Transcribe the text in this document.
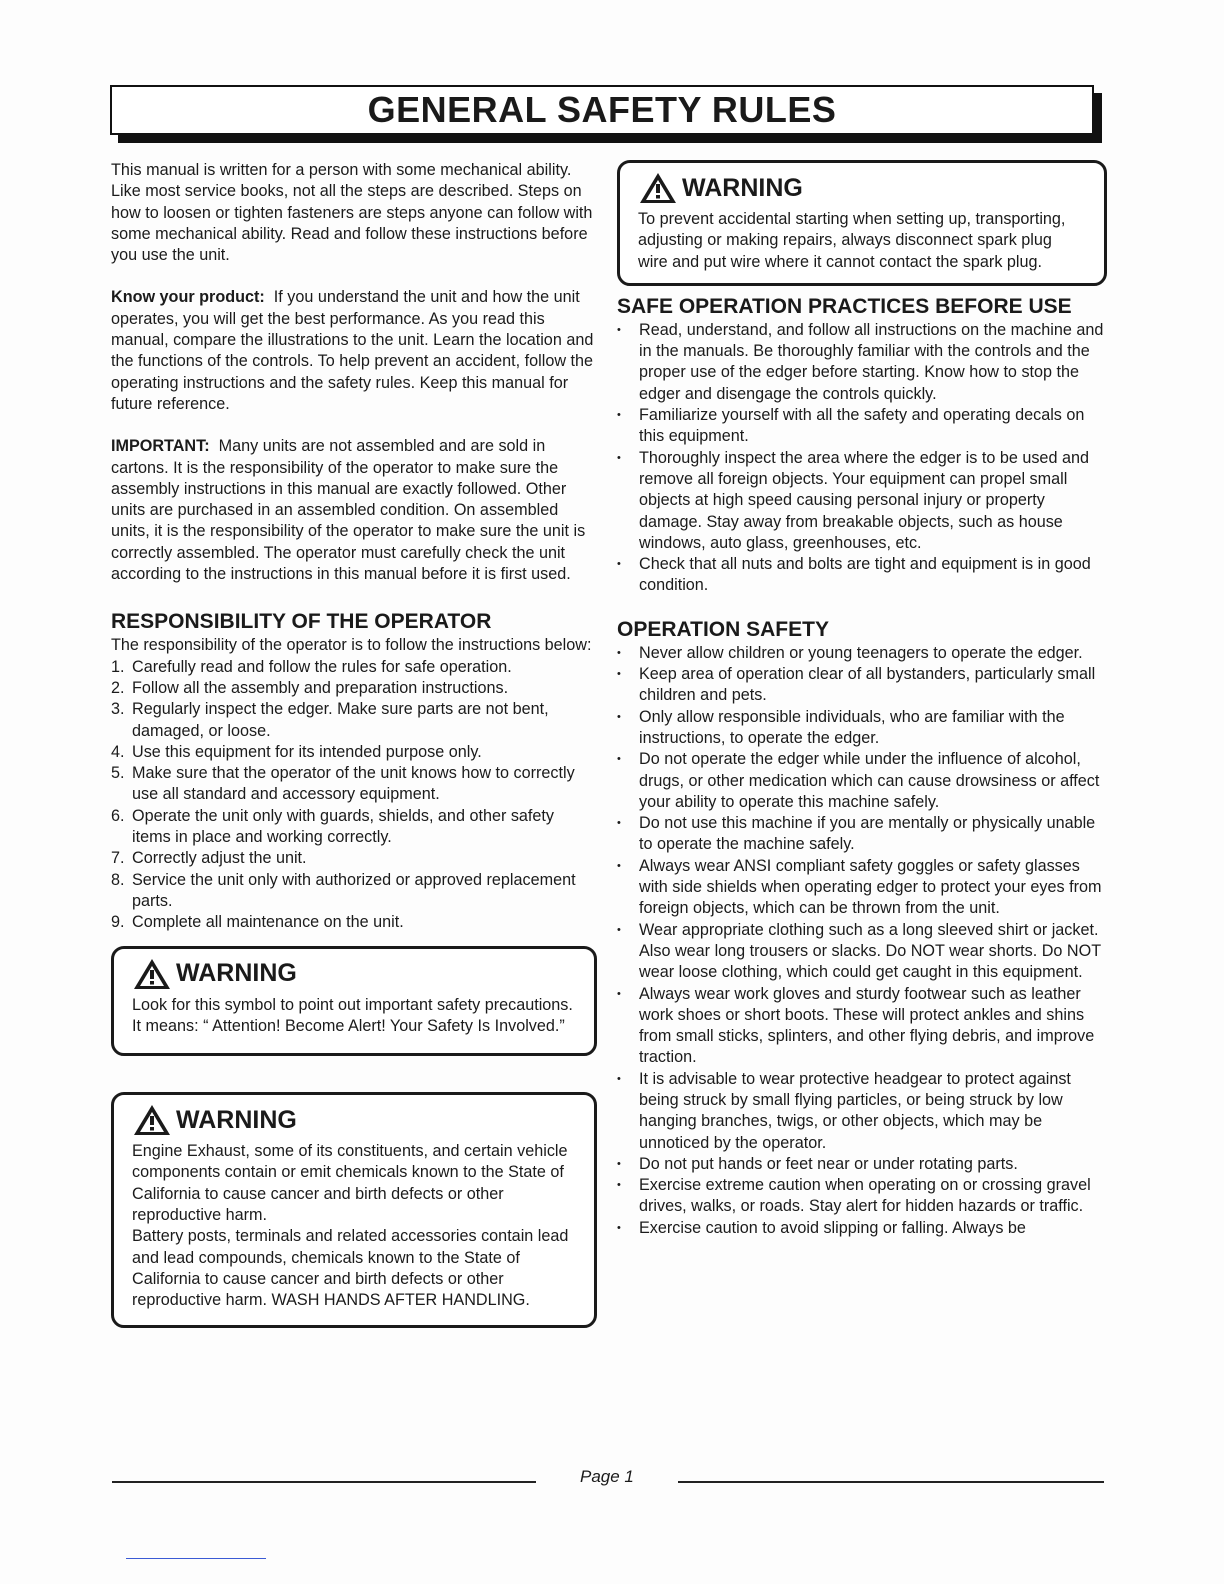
GENERAL SAFETY RULES

This manual is written for a person with some mechanical ability. Like most service books, not all the steps are described. Steps on how to loosen or tighten fasteners are steps anyone can follow with some mechanical ability. Read and follow these instructions before you use the unit.

Know your product: If you understand the unit and how the unit operates, you will get the best performance. As you read this manual, compare the illustrations to the unit. Learn the location and the functions of the controls. To help prevent an accident, follow the operating instructions and the safety rules. Keep this manual for future reference.

IMPORTANT: Many units are not assembled and are sold in cartons. It is the responsibility of the operator to make sure the assembly instructions in this manual are exactly followed. Other units are purchased in an assembled condition. On assembled units, it is the responsibility of the operator to make sure the unit is correctly assembled. The operator must carefully check the unit according to the instructions in this manual before it is first used.

RESPONSIBILITY OF THE OPERATOR

The responsibility of the operator is to follow the instructions below:

1. Carefully read and follow the rules for safe operation.
2. Follow all the assembly and preparation instructions.
3. Regularly inspect the edger. Make sure parts are not bent, damaged, or loose.
4. Use this equipment for its intended purpose only.
5. Make sure that the operator of the unit knows how to correctly use all standard and accessory equipment.
6. Operate the unit only with guards, shields, and other safety items in place and working correctly.
7. Correctly adjust the unit.
8. Service the unit only with authorized or approved replacement parts.
9. Complete all maintenance on the unit.
WARNING

Look for this symbol to point out important safety precautions. It means: “ Attention! Become Alert! Your Safety Is Involved.”

WARNING

Engine Exhaust, some of its constituents, and certain vehicle components contain or emit chemicals known to the State of California to cause cancer and birth defects or other reproductive harm.

Battery posts, terminals and related accessories contain lead and lead compounds, chemicals known to the State of California to cause cancer and birth defects or other reproductive harm. WASH HANDS AFTER HANDLING.

WARNING

To prevent accidental starting when setting up, transporting, adjusting or making repairs, always disconnect spark plug wire and put wire where it cannot contact the spark plug.

SAFE OPERATION PRACTICES BEFORE USE
• Read, understand, and follow all instructions on the machine and in the manuals. Be thoroughly familiar with the controls and the proper use of the edger before starting. Know how to stop the edger and disengage the controls quickly.
• Familiarize yourself with all the safety and operating decals on this equipment.
• Thoroughly inspect the area where the edger is to be used and remove all foreign objects. Your equipment can propel small objects at high speed causing personal injury or property damage. Stay away from breakable objects, such as house windows, auto glass, greenhouses, etc.
• Check that all nuts and bolts are tight and equipment is in good condition.
OPERATION SAFETY
• Never allow children or young teenagers to operate the edger.
• Keep area of operation clear of all bystanders, particularly small children and pets.
• Only allow responsible individuals, who are familiar with the instructions, to operate the edger.
• Do not operate the edger while under the influence of alcohol, drugs, or other medication which can cause drowsiness or affect your ability to operate this machine safely.
• Do not use this machine if you are mentally or physically unable to operate the machine safely.
• Always wear ANSI compliant safety goggles or safety glasses with side shields when operating edger to protect your eyes from foreign objects, which can be thrown from the unit.
• Wear appropriate clothing such as a long sleeved shirt or jacket. Also wear long trousers or slacks. Do NOT wear shorts. Do NOT wear loose clothing, which could get caught in this equipment.
• Always wear work gloves and sturdy footwear such as leather work shoes or short boots. These will protect ankles and shins from small sticks, splinters, and other flying debris, and improve traction.
• It is advisable to wear protective headgear to protect against being struck by small flying particles, or being struck by low hanging branches, twigs, or other objects, which may be unnoticed by the operator.
• Do not put hands or feet near or under rotating parts.
• Exercise extreme caution when operating on or crossing gravel drives, walks, or roads. Stay alert for hidden hazards or traffic.
• Exercise caution to avoid slipping or falling. Always be
Page 1
